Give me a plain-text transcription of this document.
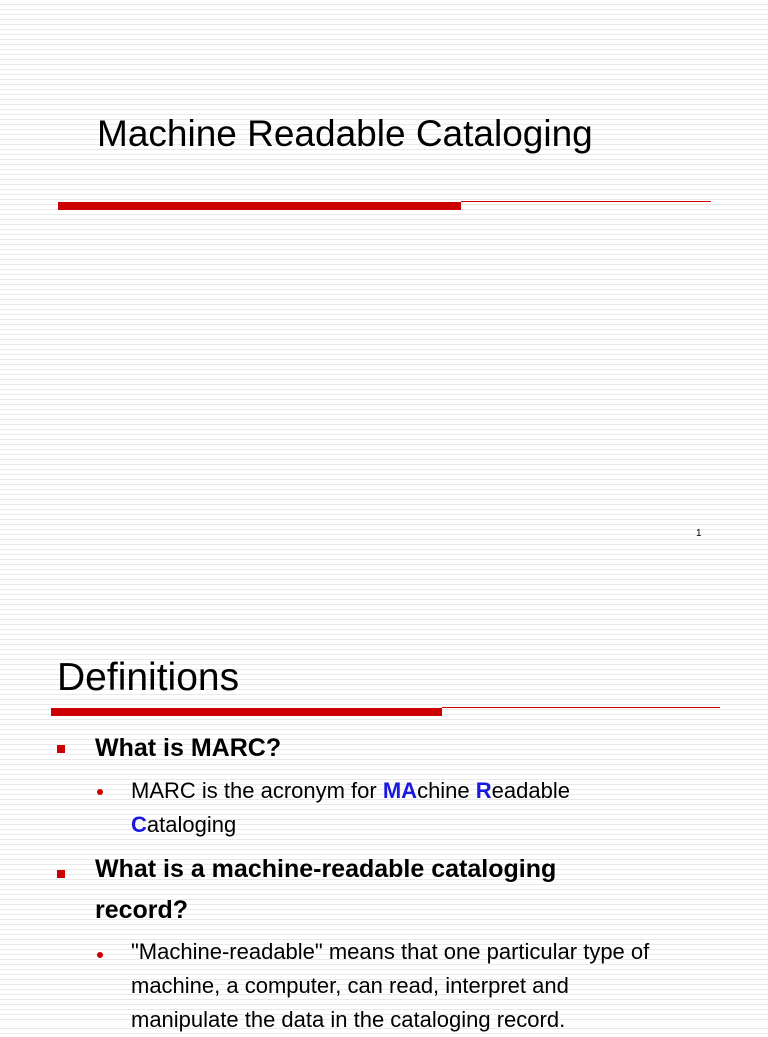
Machine Readable Cataloging
1
Definitions

What is MARC?

MARC is the acronym for MAchine Readable

Cataloging

What is a machine-readable cataloging

record?

"Machine-readable" means that one particular type of

machine, a computer, can read, interpret and

manipulate the data in the cataloging record.
